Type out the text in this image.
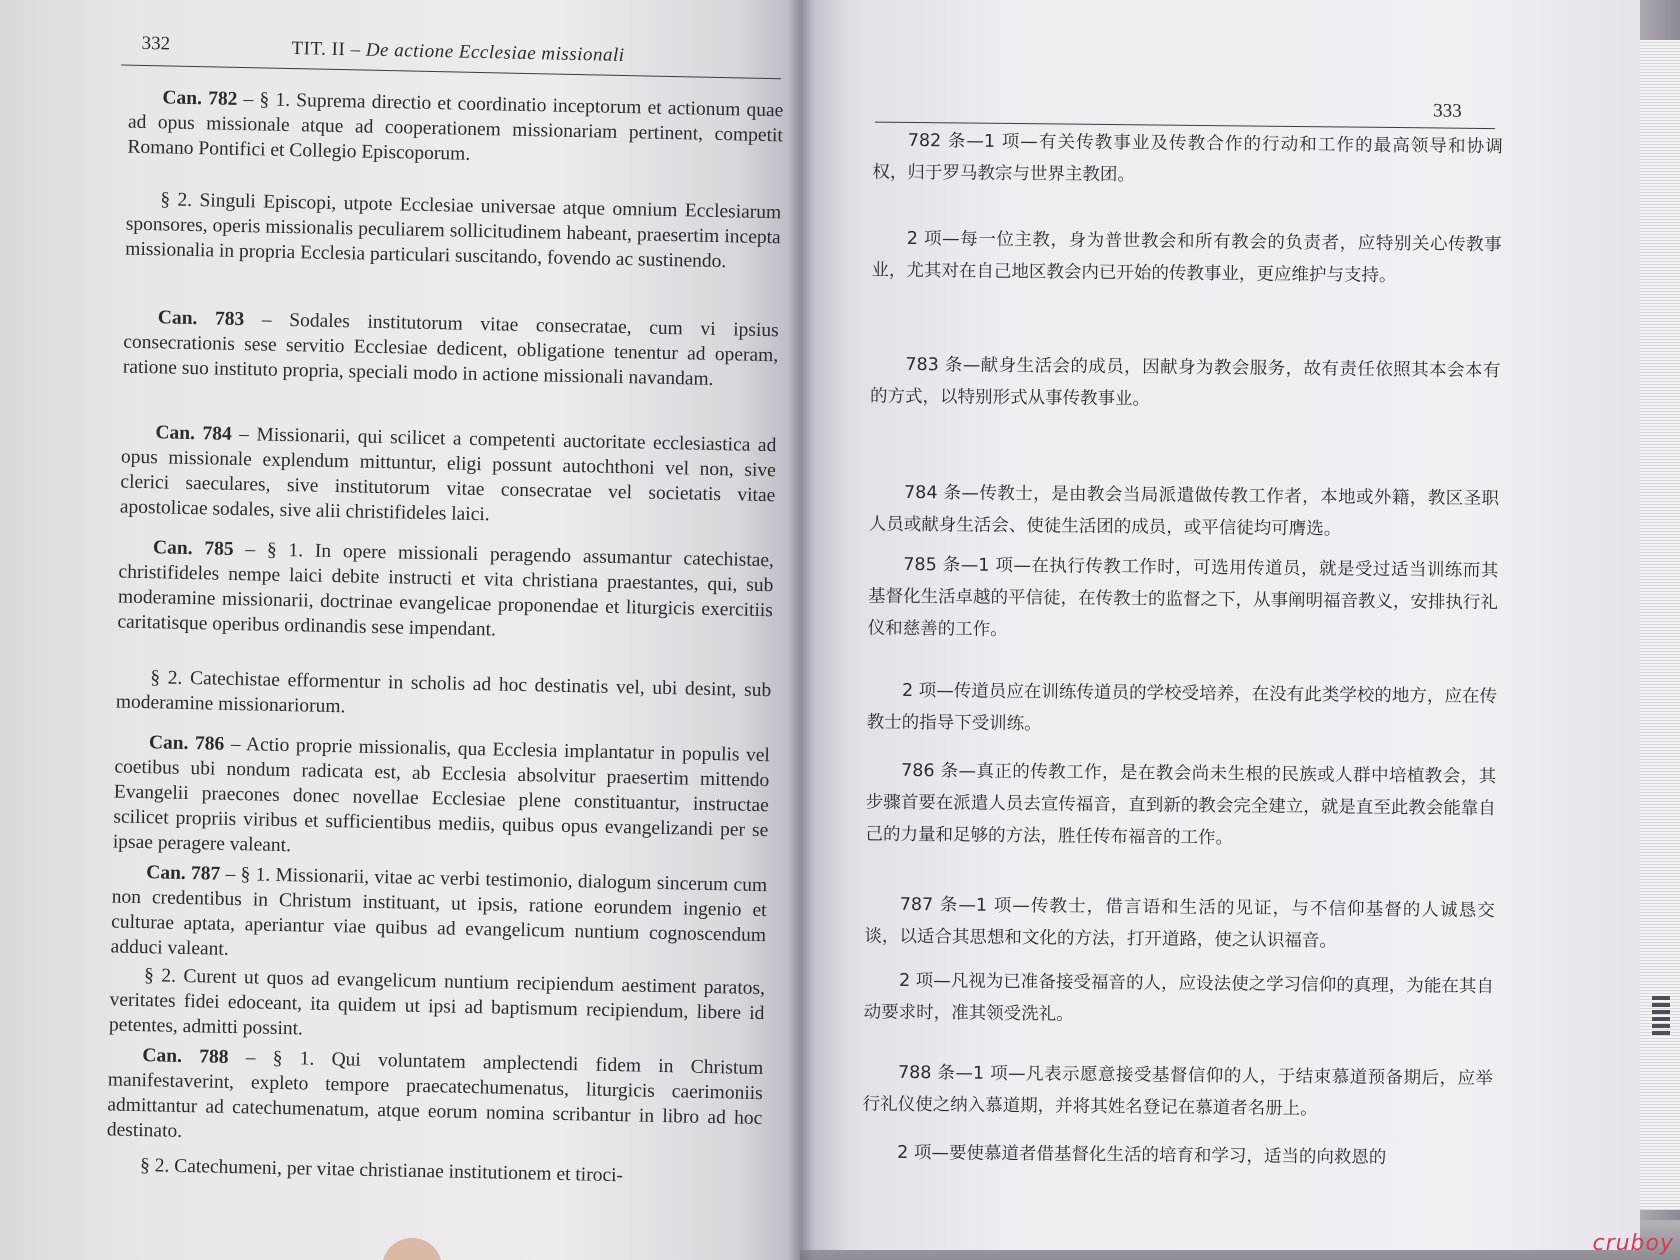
332	TIT. II – De actione Ecclesiae missionali
Can. 782 – § 1. Suprema directio et coordinatio inceptorum et actionum quae ad opus missionale atque ad cooperationem missionariam pertinent, competit Romano Pontifici et Collegio Episcoporum.
§ 2. Singuli Episcopi, utpote Ecclesiae universae atque omnium Ecclesiarum sponsores, operis missionalis peculiarem sollicitudinem habeant, praesertim incepta missionalia in propria Ecclesia particulari suscitando, fovendo ac sustinendo.
Can. 783 – Sodales institutorum vitae consecratae, cum vi ipsius consecrationis sese servitio Ecclesiae dedicent, obligatione tenentur ad operam, ratione suo instituto propria, speciali modo in actione missionali navandam.
Can. 784 – Missionarii, qui scilicet a competenti auctoritate ecclesiastica ad opus missionale explendum mittuntur, eligi possunt autochthoni vel non, sive clerici saeculares, sive institutorum vitae consecratae vel societatis vitae apostolicae sodales, sive alii christifideles laici.
Can. 785 – § 1. In opere missionali peragendo assumantur catechistae, christifideles nempe laici debite instructi et vita christiana praestantes, qui, sub moderamine missionarii, doctrinae evangelicae proponendae et liturgicis exercitiis caritatisque operibus ordinandis sese impendant.
§ 2. Catechistae efformentur in scholis ad hoc destinatis vel, ubi desint, sub moderamine missionariorum.
Can. 786 – Actio proprie missionalis, qua Ecclesia implantatur in populis vel coetibus ubi nondum radicata est, ab Ecclesia absolvitur praesertim mittendo Evangelii praecones donec novellae Ecclesiae plene constituantur, instructae scilicet propriis viribus et sufficientibus mediis, quibus opus evangelizandi per se ipsae peragere valeant.
Can. 787 – § 1. Missionarii, vitae ac verbi testimonio, dialogum sincerum cum non credentibus in Christum instituant, ut ipsis, ratione eorundem ingenio et culturae aptata, aperiantur viae quibus ad evangelicum nuntium cognoscendum adduci valeant.
§ 2. Curent ut quos ad evangelicum nuntium recipiendum aestiment paratos, veritates fidei edoceant, ita quidem ut ipsi ad baptismum recipiendum, libere id petentes, admitti possint.
Can. 788 – § 1. Qui voluntatem amplectendi fidem in Christum manifestaverint, expleto tempore praecatechumenatus, liturgicis caerimoniis admittantur ad catechumenatum, atque eorum nomina scribantur in libro ad hoc destinato.
§ 2. Catechumeni, per vitae christianae institutionem et tiroci-
333
782 条—1 项—有关传教事业及传教合作的行动和工作的最高领导和协调权，归于罗马教宗与世界主教团。
2 项—每一位主教，身为普世教会和所有教会的负责者，应特别关心传教事业，尤其对在自己地区教会内已开始的传教事业，更应维护与支持。
783 条—献身生活会的成员，因献身为教会服务，故有责任依照其本会本有的方式，以特别形式从事传教事业。
784 条—传教士，是由教会当局派遣做传教工作者，本地或外籍，教区圣职人员或献身生活会、使徒生活团的成员，或平信徒均可膺选。
785 条—1 项—在执行传教工作时，可选用传道员，就是受过适当训练而其基督化生活卓越的平信徒，在传教士的监督之下，从事阐明福音教义，安排执行礼仪和慈善的工作。
2 项—传道员应在训练传道员的学校受培养，在没有此类学校的地方，应在传教士的指导下受训练。
786 条—真正的传教工作，是在教会尚未生根的民族或人群中培植教会，其步骤首要在派遣人员去宣传福音，直到新的教会完全建立，就是直至此教会能靠自己的力量和足够的方法，胜任传布福音的工作。
787 条—1 项—传教士，借言语和生活的见证，与不信仰基督的人诚恳交谈，以适合其思想和文化的方法，打开道路，使之认识福音。
2 项—凡视为已准备接受福音的人，应设法使之学习信仰的真理，为能在其自动要求时，准其领受洗礼。
788 条—1 项—凡表示愿意接受基督信仰的人，于结束慕道预备期后，应举行礼仪使之纳入慕道期，并将其姓名登记在慕道者名册上。
2 项—要使慕道者借基督化生活的培育和学习，适当的向救恩的
cruboy
